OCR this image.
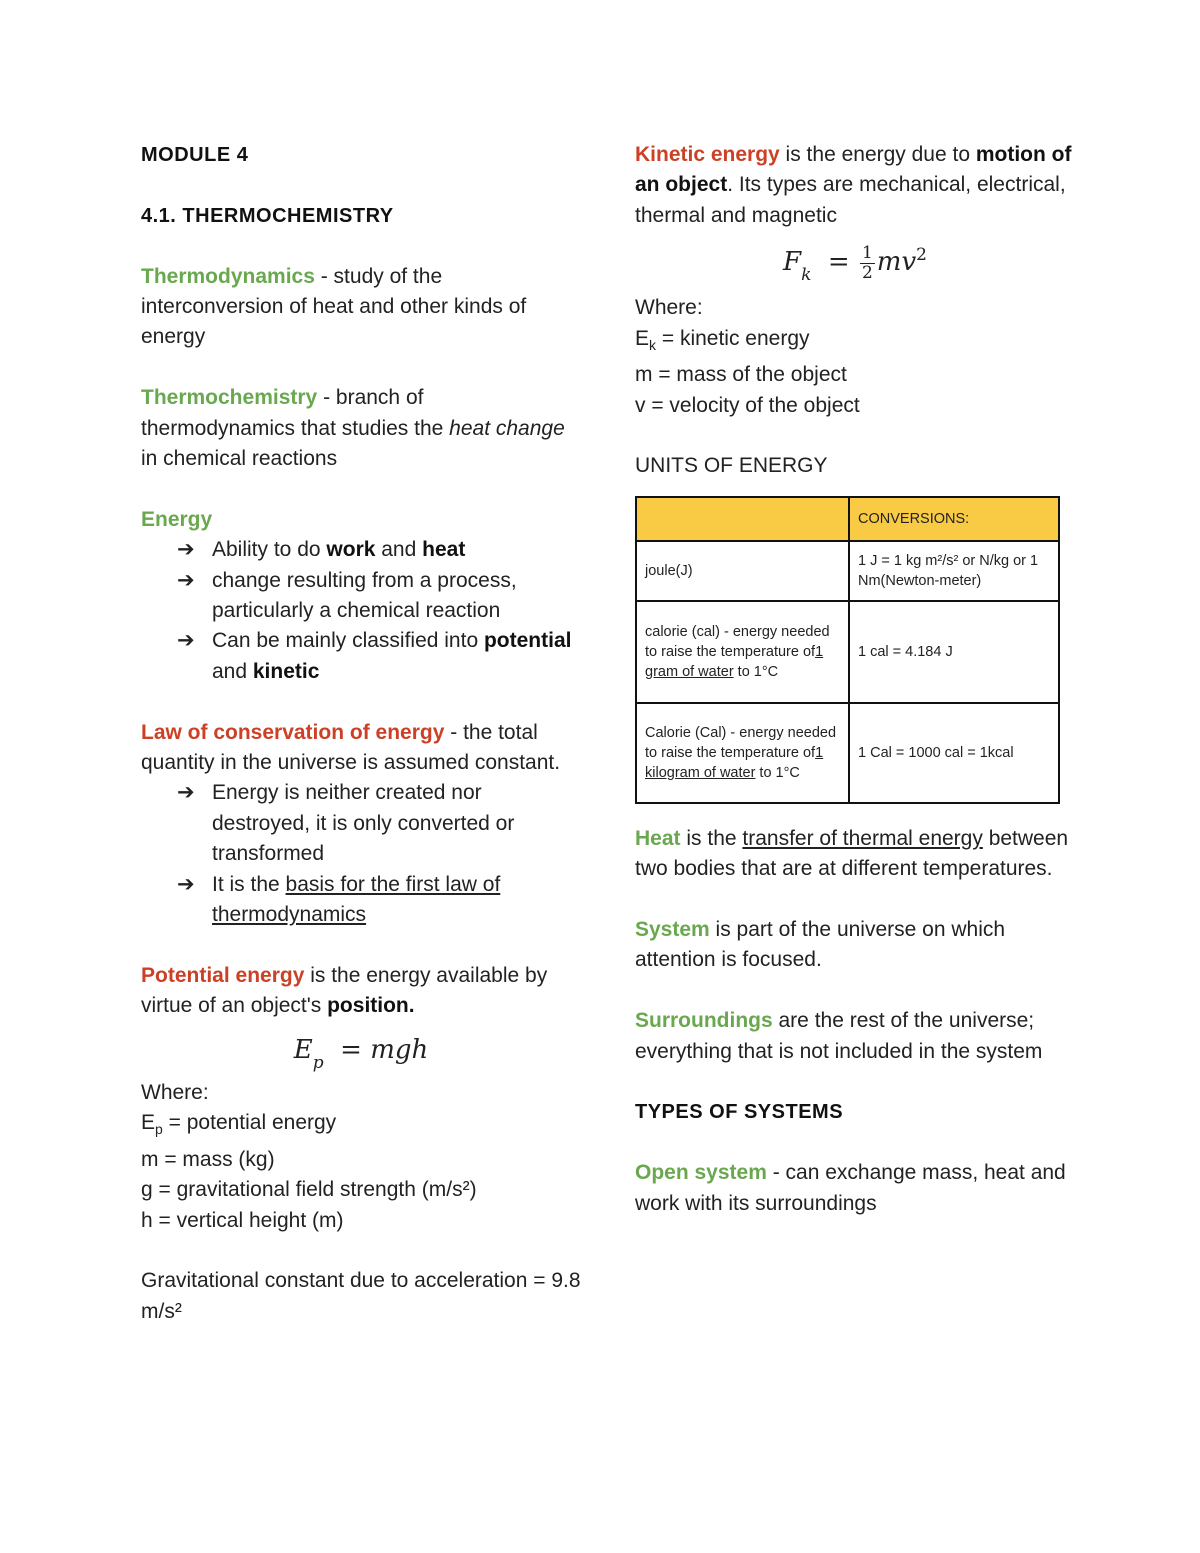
MODULE 4

4.1. THERMOCHEMISTRY

Thermodynamics - study of the interconversion of heat and other kinds of energy

Thermochemistry - branch of thermodynamics that studies the heat change in chemical reactions

Energy

➔ Ability to do work and heat
➔ change resulting from a process, particularly a chemical reaction
➔ Can be mainly classified into potential and kinetic

Law of conservation of energy - the total quantity in the universe is assumed constant.

➔ Energy is neither created nor destroyed, it is only converted or transformed
➔ It is the basis for the first law of thermodynamics

Potential energy is the energy available by virtue of an object's position.

$E_p$ = mgh

Where:

$E_p$ = potential energy

m = mass (kg)

g = gravitational field strength (m/s²)

h = vertical height (m)

Gravitational constant due to acceleration = 9.8 m/s²

Kinetic energy is the energy due to motion of an object. Its types are mechanical, electrical, thermal and magnetic

$F_k = \frac{1}{2} mv^2$

Where:

$E_k$ = kinetic energy

m = mass of the object

v = velocity of the object

UNITS OF ENERGY

	CONVERSIONS:
joule(J)	1 J = 1 kg m²/s² or N/kg or 1 Nm(Newton-meter)
calorie (cal) - energy needed to raise the temperature of1 gram of water to 1°C	1 cal = 4.184 J
Calorie (Cal) - energy needed to raise the temperature of1 kilogram of water to 1°C	1 Cal = 1000 cal = 1kcal

Heat is the transfer of thermal energy between two bodies that are at different temperatures.

System is part of the universe on which attention is focused.

Surroundings are the rest of the universe; everything that is not included in the system

TYPES OF SYSTEMS

Open system - can exchange mass, heat and work with its surroundings
